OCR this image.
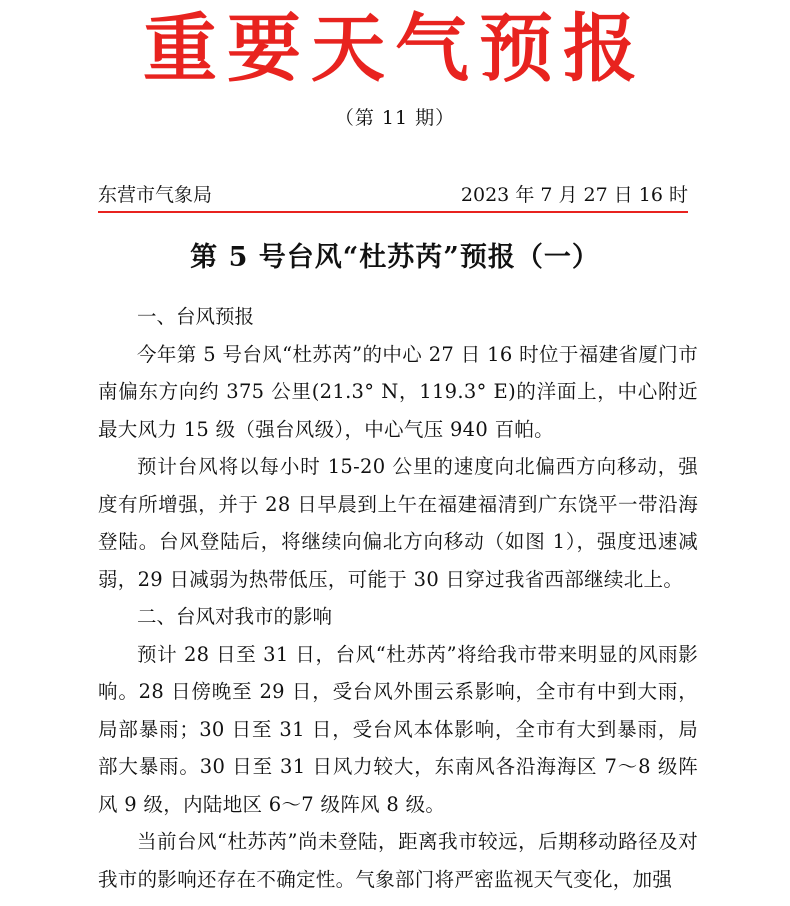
重要天气预报
（第 11 期）
东营市气象局	2023 年 7 月 27 日 16 时
第 5 号台风“杜苏芮”预报（一）
一、台风预报

今年第 5 号台风“杜苏芮”的中心 27 日 16 时位于福建省厦门市南偏东方向约 375 公里(21.3° N，119.3° E)的洋面上，中心附近最大风力 15 级（强台风级），中心气压 940 百帕。

预计台风将以每小时 15-20 公里的速度向北偏西方向移动，强度有所增强，并于 28 日早晨到上午在福建福清到广东饶平一带沿海登陆。台风登陆后，将继续向偏北方向移动（如图 1），强度迅速减弱，29 日减弱为热带低压，可能于 30 日穿过我省西部继续北上。

二、台风对我市的影响

预计 28 日至 31 日，台风“杜苏芮”将给我市带来明显的风雨影响。28 日傍晚至 29 日，受台风外围云系影响，全市有中到大雨，局部暴雨；30 日至 31 日，受台风本体影响，全市有大到暴雨，局部大暴雨。30 日至 31 日风力较大，东南风各沿海海区 7～8 级阵风 9 级，内陆地区 6～7 级阵风 8 级。

当前台风“杜苏芮”尚未登陆，距离我市较远，后期移动路径及对我市的影响还存在不确定性。气象部门将严密监视天气变化，加强
